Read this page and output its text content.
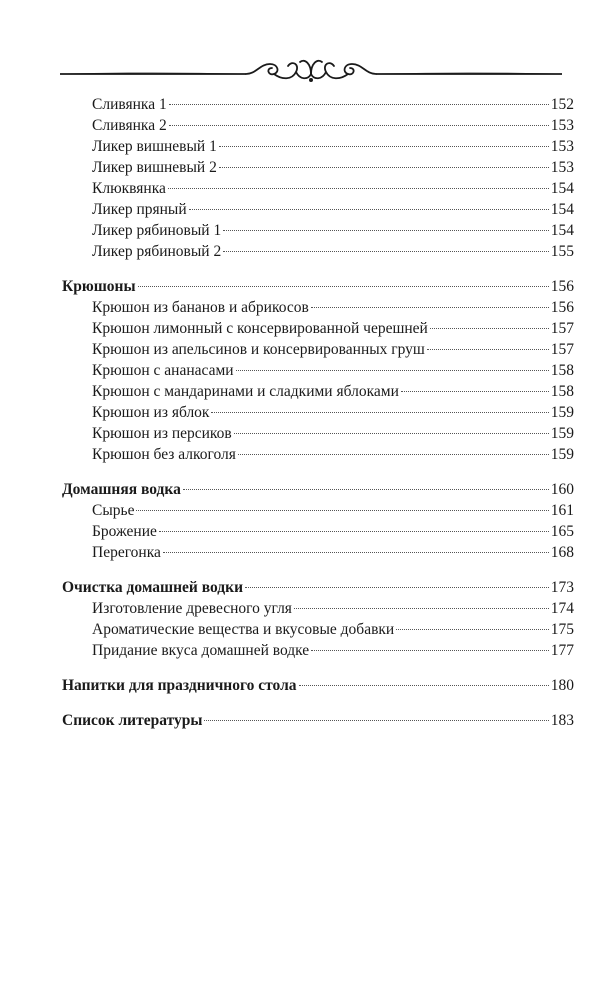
Сливянка 1	152
Сливянка 2	153
Ликер вишневый 1	153
Ликер вишневый 2	153
Клюквянка	154
Ликер пряный	154
Ликер рябиновый 1	154
Ликер рябиновый 2	155
Крюшоны	156
Крюшон из бананов и абрикосов	156
Крюшон лимонный с консервированной черешней	157
Крюшон из апельсинов и консервированных груш	157
Крюшон с ананасами	158
Крюшон с мандаринами и сладкими яблоками	158
Крюшон из яблок	159
Крюшон из персиков	159
Крюшон без алкоголя	159
Домашняя водка	160
Сырье	161
Брожение	165
Перегонка	168
Очистка домашней водки	173
Изготовление древесного угля	174
Ароматические вещества и вкусовые добавки	175
Придание вкуса домашней водке	177
Напитки для праздничного стола	180
Список литературы	183
